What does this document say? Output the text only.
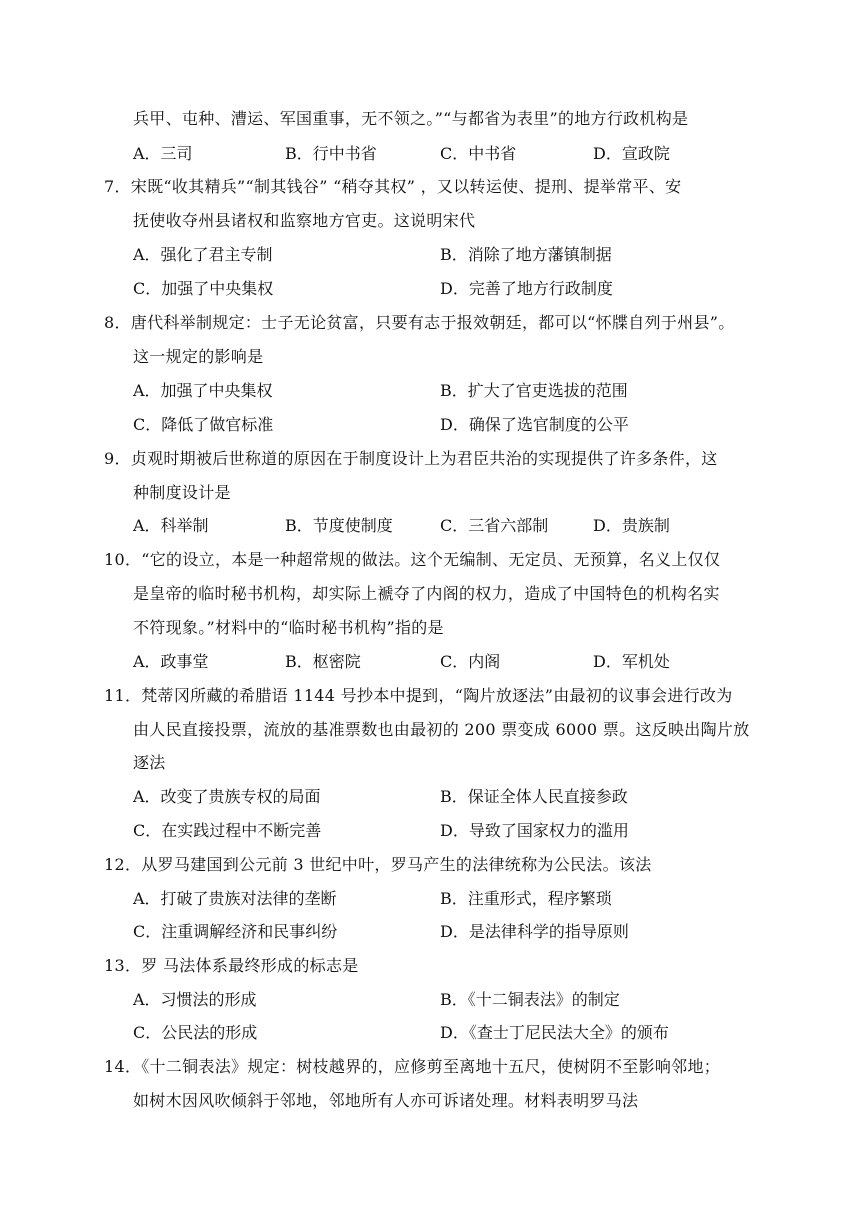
兵甲、屯种、漕运、军国重事，无不领之。”“与都省为表里”的地方行政机构是
A．三司	B．行中书省	C．中书省	D．宣政院
7．宋既“收其精兵”“制其钱谷” “稍夺其权” ，又以转运使、提刑、提举常平、安
抚使收夺州县诸权和监察地方官吏。这说明宋代
A．强化了君主专制	B．消除了地方藩镇制据
C．加强了中央集权	D．完善了地方行政制度
8．唐代科举制规定：士子无论贫富，只要有志于报效朝廷，都可以“怀牒自列于州县”。
这一规定的影响是
A．加强了中央集权	B．扩大了官吏选拔的范围
C．降低了做官标准	D．确保了选官制度的公平
9．贞观时期被后世称道的原因在于制度设计上为君臣共治的实现提供了许多条件，这
种制度设计是
A．科举制	B．节度使制度	C．三省六部制	D．贵族制
10．“它的设立，本是一种超常规的做法。这个无编制、无定员、无预算，名义上仅仅
是皇帝的临时秘书机构，却实际上褫夺了内阁的权力，造成了中国特色的机构名实
不符现象。”材料中的“临时秘书机构”指的是
A．政事堂	B．枢密院	C．内阁	D．军机处
11．梵蒂冈所藏的希腊语 1144 号抄本中提到，“陶片放逐法”由最初的议事会进行改为
由人民直接投票，流放的基准票数也由最初的 200 票变成 6000 票。这反映出陶片放
逐法
A．改变了贵族专权的局面	B．保证全体人民直接参政
C．在实践过程中不断完善	D．导致了国家权力的滥用
12．从罗马建国到公元前 3 世纪中叶，罗马产生的法律统称为公民法。该法
A．打破了贵族对法律的垄断	B．注重形式，程序繁琐
C．注重调解经济和民事纠纷	D．是法律科学的指导原则
13．罗 马法体系最终形成的标志是
A．习惯法的形成	B．《十二铜表法》的制定
C．公民法的形成	D．《查士丁尼民法大全》的颁布
14．《十二铜表法》规定：树枝越界的，应修剪至离地十五尺，使树阴不至影响邻地；
如树木因风吹倾斜于邻地，邻地所有人亦可诉诸处理。材料表明罗马法
